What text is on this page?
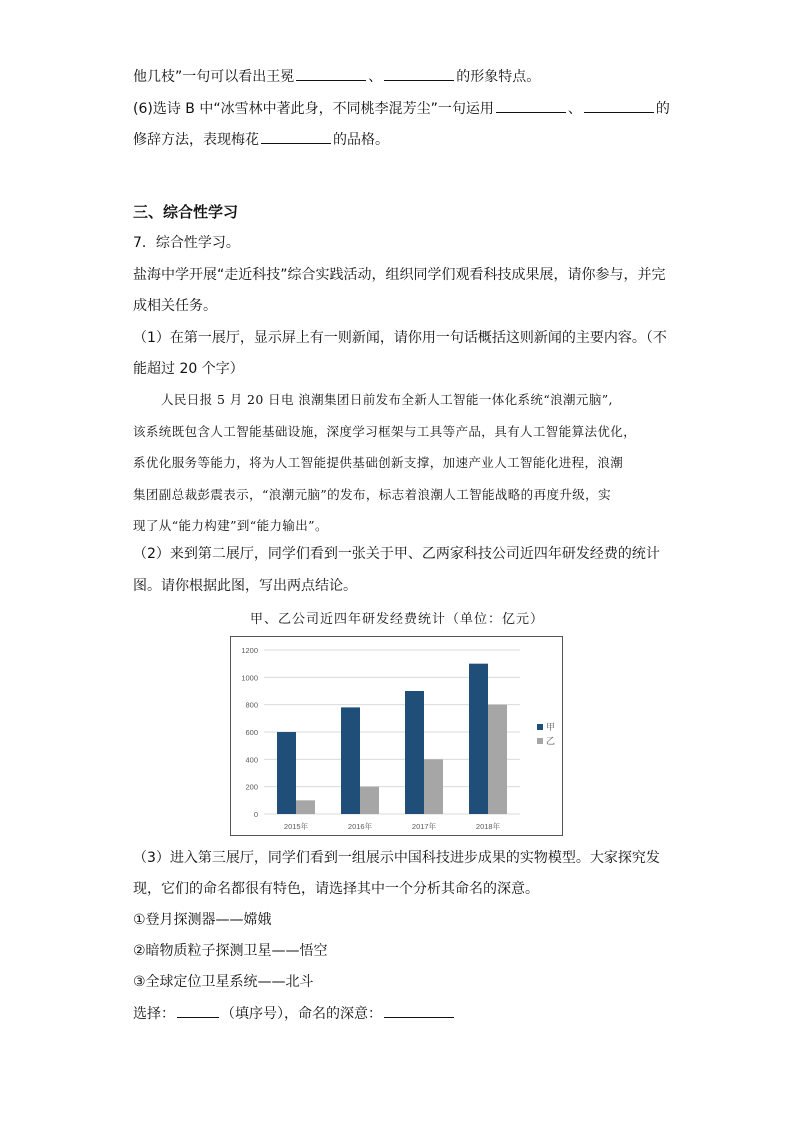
他几枝”一句可以看出王冕	、	的形象特点。
(6)选诗 B 中“冰雪林中著此身，不同桃李混芳尘”一句运用	、	的
修辞方法，表现梅花	的品格。
三、综合性学习
7．综合性学习。
盐海中学开展“走近科技”综合实践活动，组织同学们观看科技成果展，请你参与，并完
成相关任务。
（1）在第一展厅，显示屏上有一则新闻，请你用一句话概括这则新闻的主要内容。（不
能超过 20 个字）

人民日报 5 月 20 日电 浪潮集团日前发布全新人工智能一体化系统“浪潮元脑”,

该系统既包含人工智能基础设施，深度学习框架与工具等产品，具有人工智能算法优化，

系优化服务等能力，将为人工智能提供基础创新支撑，加速产业人工智能化进程，浪潮

集团副总裁彭震表示，“浪潮元脑”的发布，标志着浪潮人工智能战略的再度升级，实

现了从“能力构建”到“能力输出”。

（2）来到第二展厅，同学们看到一张关于甲、乙两家科技公司近四年研发经费的统计
图。请你根据此图，写出两点结论。
甲、乙公司近四年研发经费统计（单位：亿元）
0
200
400
600
800
1000
1200
2015年	2016年	2017年	2018年
甲
乙
（3）进入第三展厅，同学们看到一组展示中国科技进步成果的实物模型。大家探究发
现，它们的命名都很有特色，请选择其中一个分析其命名的深意。
①登月探测器——嫦娥
②暗物质粒子探测卫星——悟空
③全球定位卫星系统——北斗
选择：	（填序号），命名的深意：
